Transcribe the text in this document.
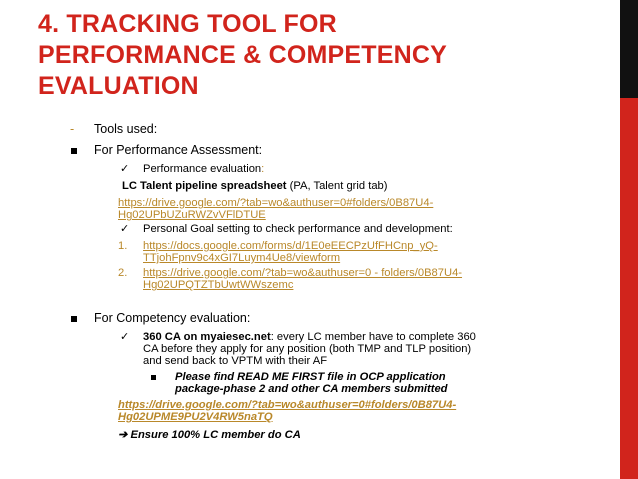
4. TRACKING TOOL FOR
PERFORMANCE & COMPETENCY
EVALUATION
- Tools used:
For Performance Assessment:
✓ Performance evaluation:
LC Talent pipeline spreadsheet (PA, Talent grid tab)
https://drive.google.com/?tab=wo&authuser=0#folders/0B87U4-
Hg02UPbUZuRWZvVFlDTUE
✓ Personal Goal setting to check performance and development:
1. https://docs.google.com/forms/d/1E0eEECPzUfFHCnp_yQ-
TTjohFpnv9c4xGI7Luym4Ue8/viewform
2. https://drive.google.com/?tab=wo&authuser=0 - folders/0B87U4-
Hg02UPQTZTbUwtWWszemc
For Competency evaluation:
✓ 360 CA on myaiesec.net: every LC member have to complete 360
CA before they apply for any position (both TMP and TLP position)
and send back to VPTM with their AF
Please find READ ME FIRST file in OCP application
package-phase 2 and other CA members submitted
https://drive.google.com/?tab=wo&authuser=0#folders/0B87U4-
Hg02UPME9PU2V4RW5naTQ
➔ Ensure 100% LC member do CA
